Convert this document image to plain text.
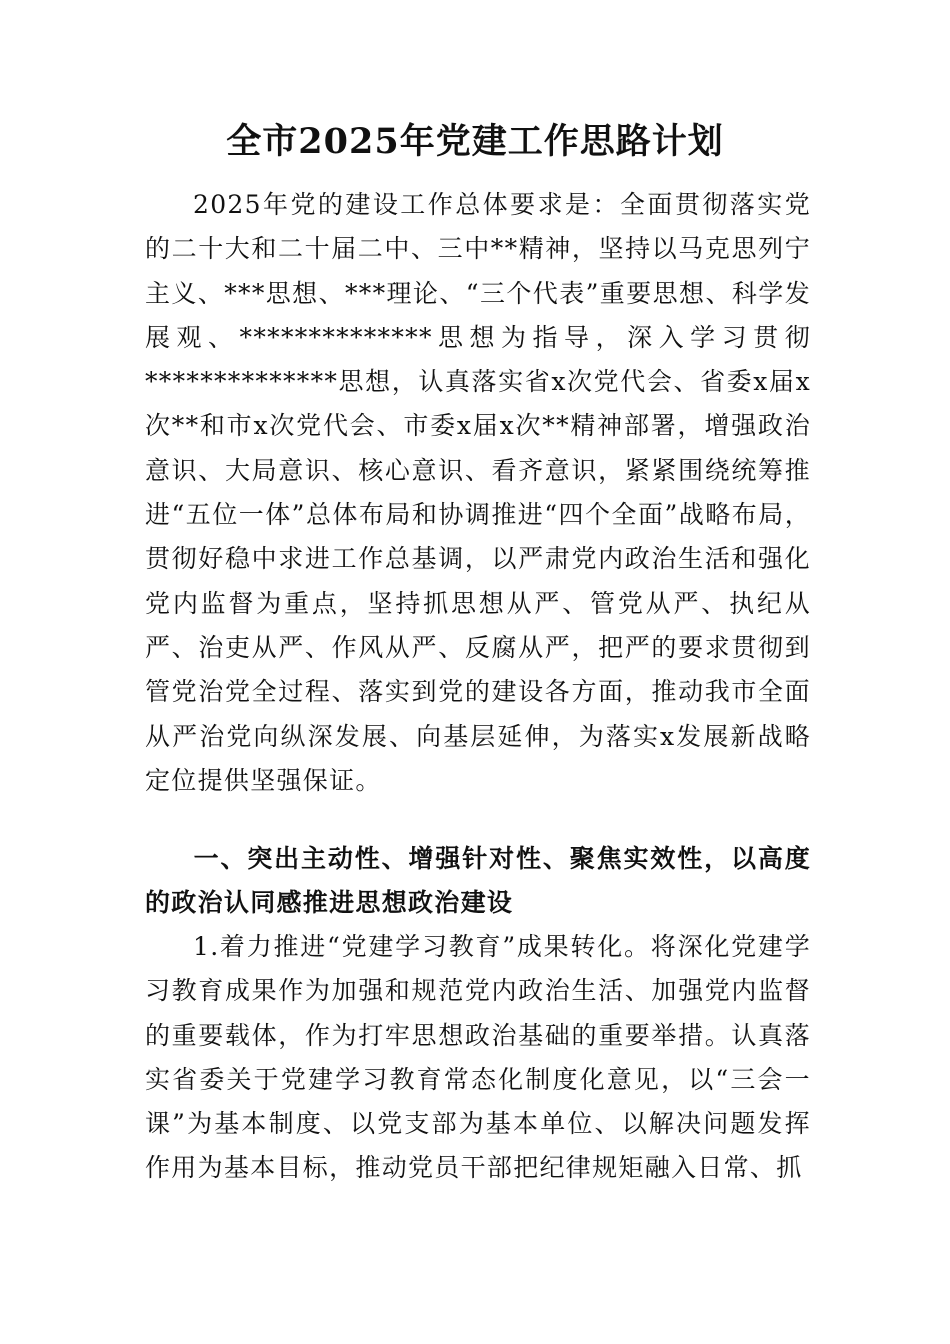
全市2025年党建工作思路计划

2025年党的建设工作总体要求是：全面贯彻落实党的二十大和二十届二中、三中**精神，坚持以马克思列宁主义、***思想、***理论、“三个代表”重要思想、科学发展观、**************思想为指导，深入学习贯彻**************思想，认真落实省x次党代会、省委x届x次**和市x次党代会、市委x届x次**精神部署，增强政治意识、大局意识、核心意识、看齐意识，紧紧围绕统筹推进“五位一体”总体布局和协调推进“四个全面”战略布局，贯彻好稳中求进工作总基调，以严肃党内政治生活和强化党内监督为重点，坚持抓思想从严、管党从严、执纪从严、治吏从严、作风从严、反腐从严，把严的要求贯彻到管党治党全过程、落实到党的建设各方面，推动我市全面从严治党向纵深发展、向基层延伸，为落实x发展新战略定位提供坚强保证。

一、突出主动性、增强针对性、聚焦实效性，以高度的政治认同感推进思想政治建设

1.着力推进“党建学习教育”成果转化。将深化党建学习教育成果作为加强和规范党内政治生活、加强党内监督的重要载体，作为打牢思想政治基础的重要举措。认真落实省委关于党建学习教育常态化制度化意见，以“三会一课”为基本制度、以党支部为基本单位、以解决问题发挥作用为基本目标，推动党员干部把纪律规矩融入日常、抓
